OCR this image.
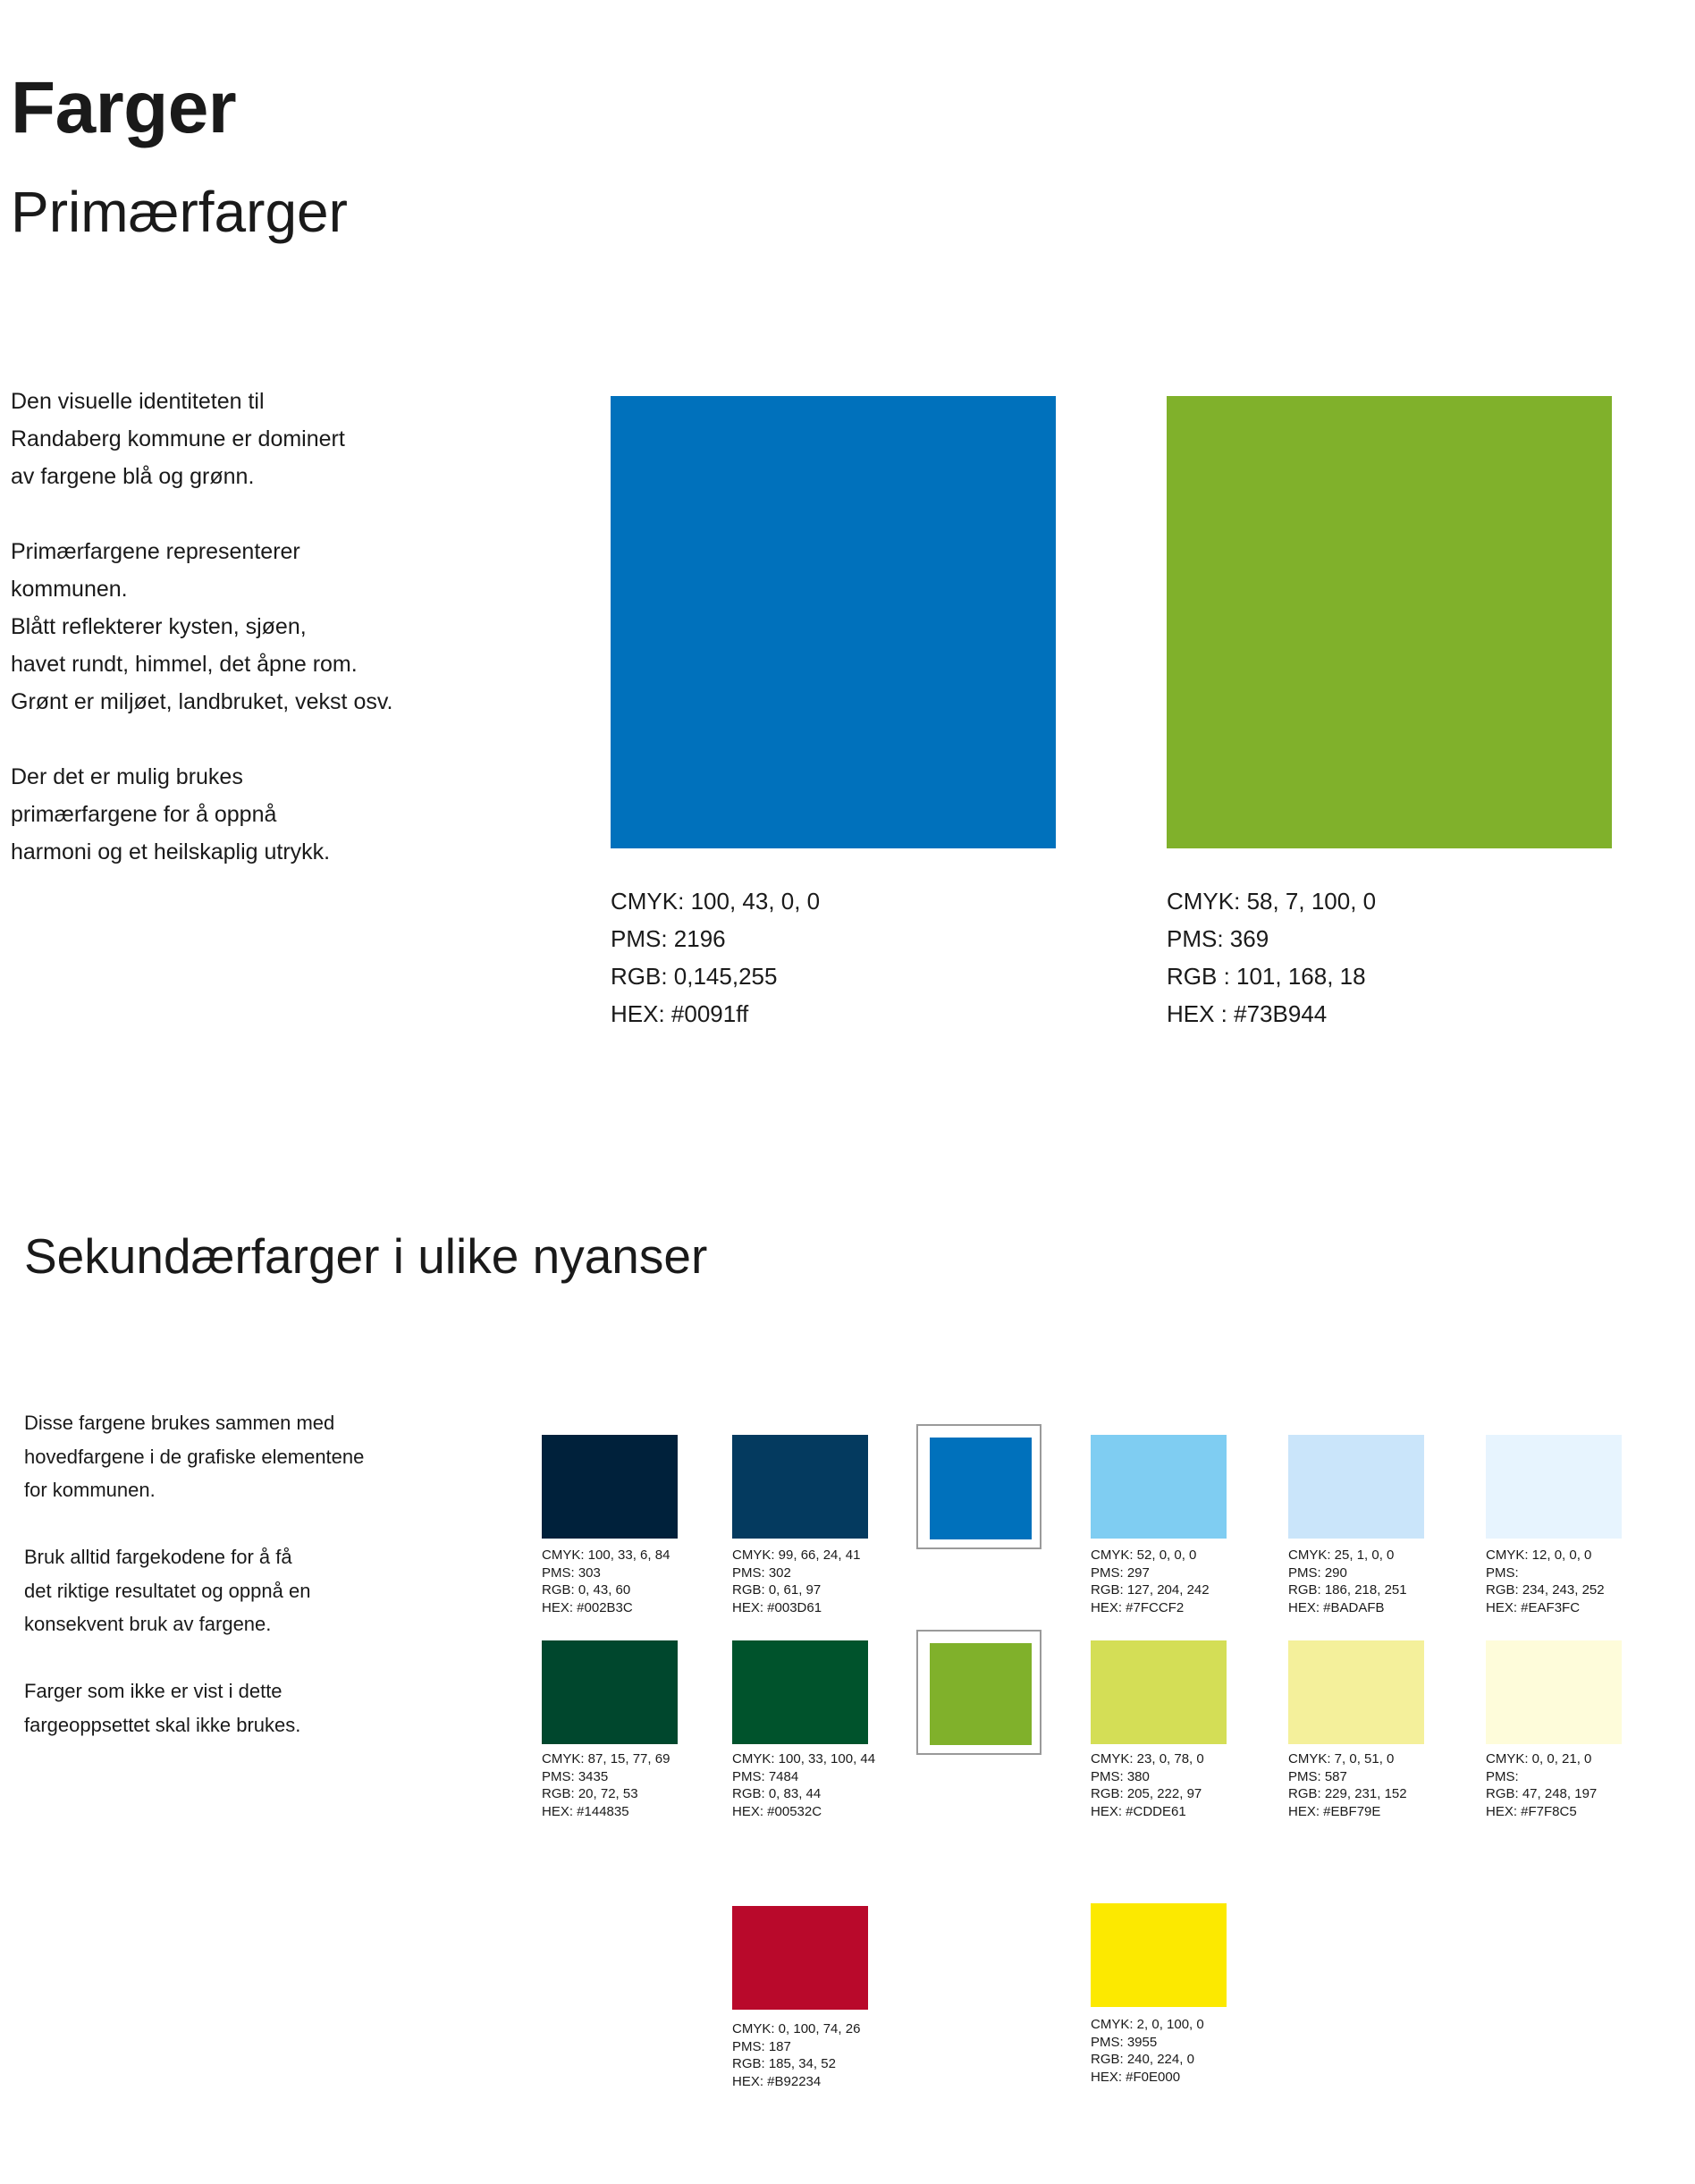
Farger
Primærfarger

Den visuelle identiteten til
Randaberg kommune er dominert
av fargene blå og grønn.

Primærfargene representerer
kommunen.
Blått reflekterer kysten, sjøen,
havet rundt, himmel, det åpne rom.
Grønt er miljøet, landbruket, vekst osv.

Der det er mulig brukes
primærfargene for å oppnå
harmoni og et heilskaplig utrykk.

CMYK: 100, 43, 0, 0
PMS: 2196
RGB: 0,145,255
HEX: #0091ff
CMYK: 58, 7, 100, 0
PMS: 369
RGB : 101, 168, 18
HEX : #73B944
Sekundærfarger i ulike nyanser

Disse fargene brukes sammen med
hovedfargene i de grafiske elementene
for kommunen.

Bruk alltid fargekodene for å få
det riktige resultatet og oppnå en
konsekvent bruk av fargene.

Farger som ikke er vist i dette
fargeoppsettet skal ikke brukes.

CMYK: 100, 33, 6, 84
PMS: 303
RGB: 0, 43, 60
HEX: #002B3C
CMYK: 99, 66, 24, 41
PMS: 302
RGB: 0, 61, 97
HEX: #003D61
CMYK: 52, 0, 0, 0
PMS: 297
RGB: 127, 204, 242
HEX: #7FCCF2
CMYK: 25, 1, 0, 0
PMS: 290
RGB: 186, 218, 251
HEX: #BADAFB
CMYK: 12, 0, 0, 0
PMS:
RGB: 234, 243, 252
HEX: #EAF3FC
CMYK: 87, 15, 77, 69
PMS: 3435
RGB: 20, 72, 53
HEX: #144835
CMYK: 100, 33, 100, 44
PMS: 7484
RGB: 0, 83, 44
HEX: #00532C
CMYK: 23, 0, 78, 0
PMS: 380
RGB: 205, 222, 97
HEX: #CDDE61
CMYK: 7, 0, 51, 0
PMS: 587
RGB: 229, 231, 152
HEX: #EBF79E
CMYK: 0, 0, 21, 0
PMS:
RGB: 47, 248, 197
HEX: #F7F8C5
CMYK: 0, 100, 74, 26
PMS: 187
RGB: 185, 34, 52
HEX: #B92234
CMYK: 2, 0, 100, 0
PMS: 3955
RGB: 240, 224, 0
HEX: #F0E000
